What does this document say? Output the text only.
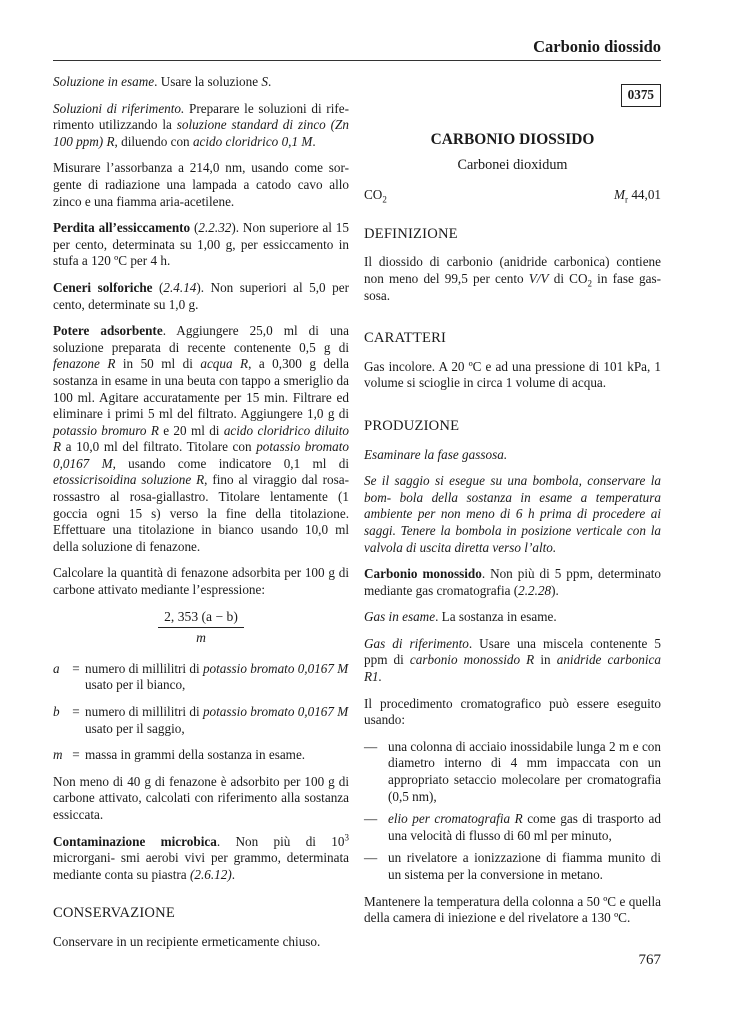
Carbonio diossido

Soluzione in esame. Usare la soluzione S.

Soluzioni di riferimento. Preparare le soluzioni di rife- rimento utilizzando la soluzione standard di zinco (Zn 100 ppm) R, diluendo con acido cloridrico 0,1 M.

Misurare l’assorbanza a 214,0 nm, usando come sor- gente di radiazione una lampada a catodo cavo allo zinco e una fiamma aria-acetilene.

Perdita all’essiccamento (2.2.32). Non superiore al 15 per cento, determinata su 1,00 g, per essiccamento in stufa a 120 ºC per 4 h.

Ceneri solforiche (2.4.14). Non superiori al 5,0 per cento, determinate su 1,0 g.

Potere adsorbente. Aggiungere 25,0 ml di una soluzione preparata di recente contenente 0,5 g di fenazone R in 50 ml di acqua R, a 0,300 g della sostanza in esame in una beuta con tappo a smeriglio da 100 ml. Agitare accuratamente per 15 min. Filtrare ed eliminare i primi 5 ml del filtrato. Aggiungere 1,0 g di potassio bromuro R e 20 ml di acido cloridrico diluito R a 10,0 ml del filtrato. Titolare con potassio bromato 0,0167 M, usando come indicatore 0,1 ml di etossicrisoidina soluzione R, fino al viraggio dal rosa-rossastro al rosa-giallastro. Titolare lentamente (1 goccia ogni 15 s) verso la fine della titolazione. Effettuare una titolazione in bianco usando 10,0 ml della soluzione di fenazone.

Calcolare la quantità di fenazone adsorbita per 100 g di carbone attivato mediante l’espressione:

$\frac{2, 353 (a - b)}{m}$
a = numero di millilitri di potassio bromato 0,0167 M usato per il bianco,
b = numero di millilitri di potassio bromato 0,0167 M usato per il saggio,
m = massa in grammi della sostanza in esame.

Non meno di 40 g di fenazone è adsorbito per 100 g di carbone attivato, calcolati con riferimento alla sostanza essiccata.

Contaminazione microbica. Non più di $10^3$ microrgani- smi aerobi vivi per grammo, determinata mediante conta su piastra (2.6.12).

CONSERVAZIONE

Conservare in un recipiente ermeticamente chiuso.

0375
CARBONIO DIOSSIDO
Carbonei dioxidum
$CO_2$	$M_r$ 44,01
DEFINIZIONE

Il diossido di carbonio (anidride carbonica) contiene non meno del 99,5 per cento V/V di $CO_2$ in fase gas- sosa.

CARATTERI

Gas incolore. A 20 ºC e ad una pressione di 101 kPa, 1 volume si scioglie in circa 1 volume di acqua.

PRODUZIONE

Esaminare la fase gassosa.

Se il saggio si esegue su una bombola, conservare la bom- bola della sostanza in esame a temperatura ambiente per non meno di 6 h prima di procedere ai saggi. Tenere la bombola in posizione verticale con la valvola di uscita diretta verso l’alto.

Carbonio monossido. Non più di 5 ppm, determinato mediante gas cromatografia (2.2.28).

Gas in esame. La sostanza in esame.

Gas di riferimento. Usare una miscela contenente 5 ppm di carbonio monossido R in anidride carbonica R1.

Il procedimento cromatografico può essere eseguito usando:

— una colonna di acciaio inossidabile lunga 2 m e con diametro interno di 4 mm impaccata con un appropriato setaccio molecolare per cromatografia (0,5 nm),
— elio per cromatografia R come gas di trasporto ad una velocità di flusso di 60 ml per minuto,
— un rivelatore a ionizzazione di fiamma munito di un sistema per la conversione in metano.

Mantenere la temperatura della colonna a 50 ºC e quella della camera di iniezione e del rivelatore a 130 ºC.

767
